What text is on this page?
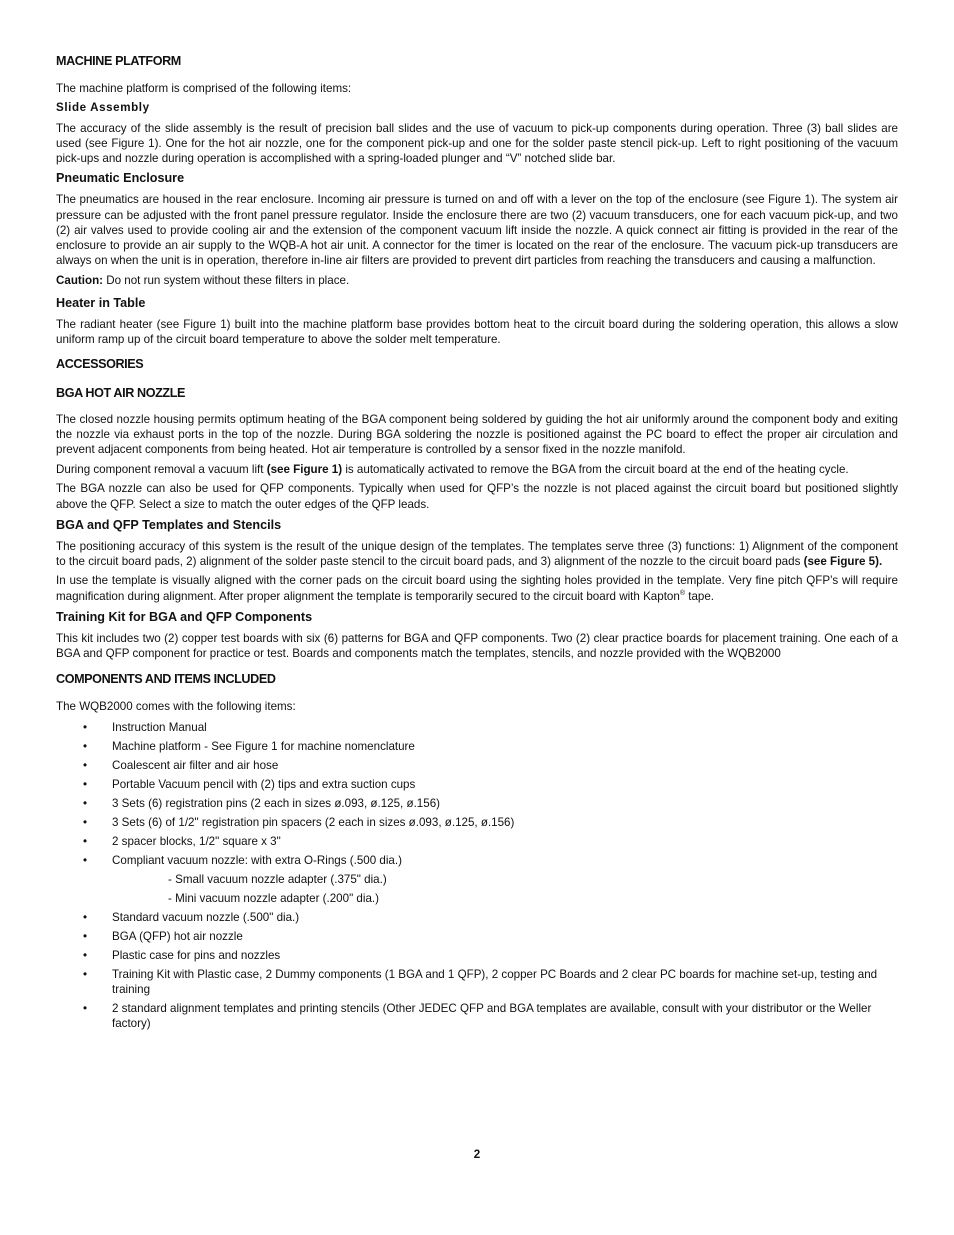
MACHINE PLATFORM

The machine platform is comprised of the following items:

Slide Assembly

The accuracy of the slide assembly is the result of precision ball slides and the use of vacuum to pick-up components during operation. Three (3) ball slides are used (see Figure 1). One for the hot air nozzle, one for the component pick-up and one for the solder paste stencil pick-up. Left to right positioning of the vacuum pick-ups and nozzle during operation is accomplished with a spring-loaded plunger and “V” notched slide bar.

Pneumatic Enclosure

The pneumatics are housed in the rear enclosure. Incoming air pressure is turned on and off with a lever on the top of the enclosure (see Figure 1). The system air pressure can be adjusted with the front panel pressure regulator. Inside the enclosure there are two (2) vacuum transducers, one for each vacuum pick-up, and two (2) air valves used to provide cooling air and the extension of the component vacuum lift inside the nozzle. A quick connect air fitting is provided in the rear of the enclosure to provide an air supply to the WQB-A hot air unit. A connector for the timer is located on the rear of the enclosure. The vacuum pick-up transducers are always on when the unit is in operation, therefore in-line air filters are provided to prevent dirt particles from reaching the transducers and causing a malfunction.

Caution: Do not run system without these filters in place.

Heater in Table

The radiant heater (see Figure 1) built into the machine platform base provides bottom heat to the circuit board during the soldering operation, this allows a slow uniform ramp up of the circuit board temperature to above the solder melt temperature.

ACCESSORIES
BGA HOT AIR NOZZLE

The closed nozzle housing permits optimum heating of the BGA component being soldered by guiding the hot air uniformly around the component body and exiting the nozzle via exhaust ports in the top of the nozzle. During BGA soldering the nozzle is positioned against the PC board to effect the proper air circulation and prevent adjacent components from being heated. Hot air temperature is controlled by a sensor fixed in the nozzle manifold.

During component removal a vacuum lift (see Figure 1) is automatically activated to remove the BGA from the circuit board at the end of the heating cycle.

The BGA nozzle can also be used for QFP components. Typically when used for QFP’s the nozzle is not placed against the circuit board but positioned slightly above the QFP. Select a size to match the outer edges of the QFP leads.

BGA and QFP Templates and Stencils

The positioning accuracy of this system is the result of the unique design of the templates. The templates serve three (3) functions: 1) Alignment of the component to the circuit board pads, 2) alignment of the solder paste stencil to the circuit board pads, and 3) alignment of the nozzle to the circuit board pads (see Figure 5).

In use the template is visually aligned with the corner pads on the circuit board using the sighting holes provided in the template. Very fine pitch QFP’s will require magnification during alignment. After proper alignment the template is temporarily secured to the circuit board with Kapton® tape.

Training Kit for BGA and QFP Components

This kit includes two (2) copper test boards with six (6) patterns for BGA and QFP components. Two (2) clear practice boards for placement training. One each of a BGA and QFP component for practice or test. Boards and components match the templates, stencils, and nozzle provided with the WQB2000

COMPONENTS AND ITEMS INCLUDED

The WQB2000 comes with the following items:

• Instruction Manual
• Machine platform - See Figure 1 for machine nomenclature
• Coalescent air filter and air hose
• Portable Vacuum pencil with (2) tips and extra suction cups
• 3 Sets (6) registration pins (2 each in sizes ø.093, ø.125, ø.156)
• 3 Sets (6) of 1/2" registration pin spacers (2 each in sizes ø.093, ø.125, ø.156)
• 2 spacer blocks, 1/2" square x 3"
• Compliant vacuum nozzle: with extra O-Rings (.500 dia.)
- Small vacuum nozzle adapter (.375" dia.)
- Mini vacuum nozzle adapter (.200" dia.)
• Standard vacuum nozzle (.500" dia.)
• BGA (QFP) hot air nozzle
• Plastic case for pins and nozzles
• Training Kit with Plastic case, 2 Dummy components (1 BGA and 1 QFP), 2 copper PC Boards and 2 clear PC boards for machine set-up, testing and training
• 2 standard alignment templates and printing stencils (Other JEDEC QFP and BGA templates are available, consult with your distributor or the Weller factory)
2
